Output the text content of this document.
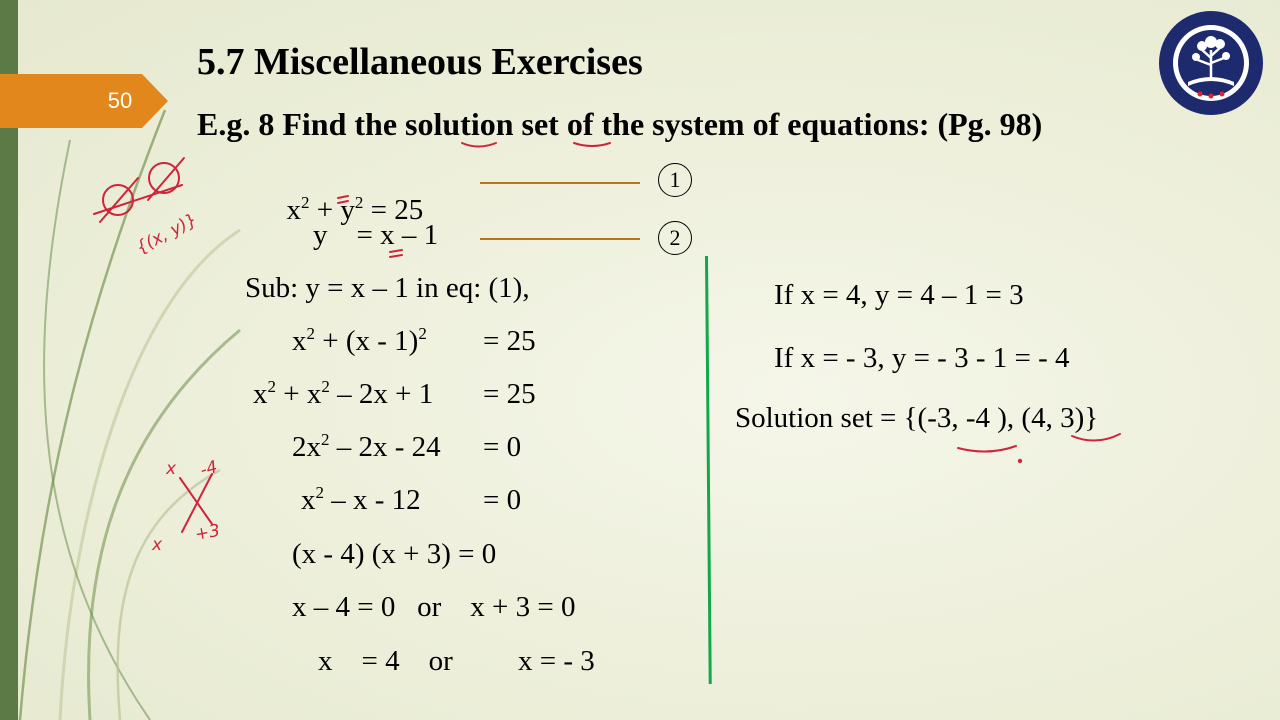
50
5.7 Miscellaneous Exercises
E.g. 8 Find the solution set of the system of equations: (Pg. 98)

$x^2 + y^2 = 25$

1
y = x – 1	2
Sub: y = x – 1 in eq: (1),
$x^2 + (x - 1)^2 = 25$
$x^2 + x^2 - 2x + 1 = 25$
$2x^2 - 2x - 24 = 0$
$x^2 - x - 12 = 0$
(x - 4) (x + 3) = 0
x – 4 = 0   or    x + 3 = 0
x    = 4    or         x = - 3
If x = 4, y = 4 – 1 = 3
If x = - 3, y = - 3 - 1 = - 4
Solution set = {(-3, -4 ), (4, 3)}
{(x, y)}
x -4
x
+3
